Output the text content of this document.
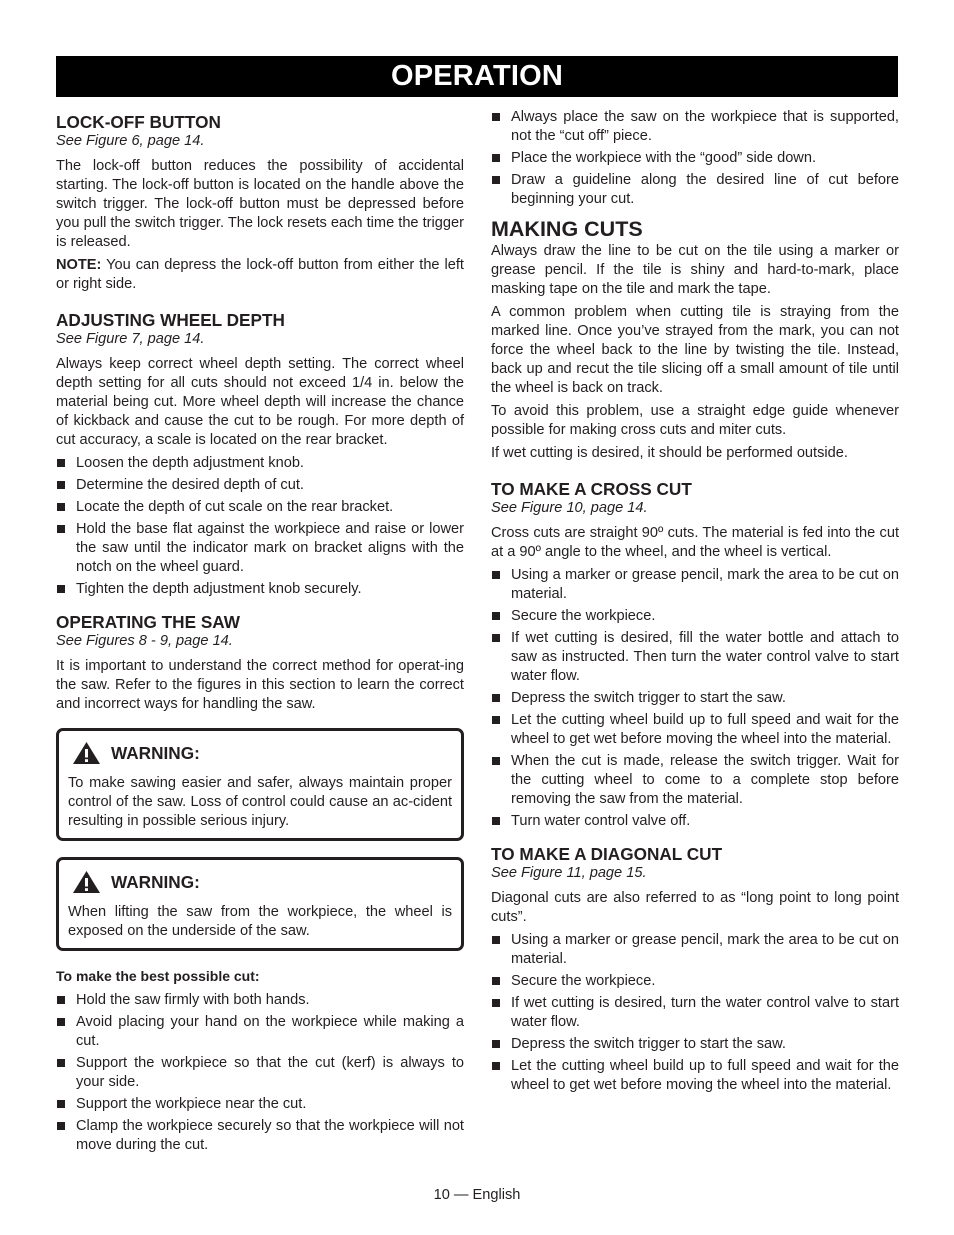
OPERATION
LOCK-OFF BUTTON
See Figure 6, page 14.

The lock-off button reduces the possibility of accidental starting. The lock-off button is located on the handle above the switch trigger. The lock-off button must be depressed before you pull the switch trigger. The lock resets each time the trigger is released.

NOTE: You can depress the lock-off button from either the left or right side.

ADJUSTING WHEEL DEPTH
See Figure 7, page 14.

Always keep correct wheel depth setting. The correct wheel depth setting for all cuts should not exceed 1/4 in. below the material being cut. More wheel depth will increase the chance of kickback and cause the cut to be rough. For more depth of cut accuracy, a scale is located on the rear bracket.

Loosen the depth adjustment knob.
Determine the desired depth of cut.
Locate the depth of cut scale on the rear bracket.
Hold the base flat against the workpiece and raise or lower the saw until the indicator mark on bracket aligns with the notch on the wheel guard.
Tighten the depth adjustment knob securely.
OPERATING THE SAW
See Figures 8 - 9, page 14.

It is important to understand the correct method for operat-ing the saw. Refer to the figures in this section to learn the correct and incorrect ways for handling the saw.

WARNING:

To make sawing easier and safer, always maintain proper control of the saw. Loss of control could cause an ac-cident resulting in possible serious injury.

WARNING:

When lifting the saw from the workpiece, the wheel is exposed on the underside of the saw.

To make the best possible cut:
Hold the saw firmly with both hands.
Avoid placing your hand on the workpiece while making a cut.
Support the workpiece so that the cut (kerf) is always to your side.
Support the workpiece near the cut.
Clamp the workpiece securely so that the workpiece will not move during the cut.
Always place the saw on the workpiece that is supported, not the “cut off” piece.
Place the workpiece with the “good” side down.
Draw a guideline along the desired line of cut before beginning your cut.
MAKING CUTS

Always draw the line to be cut on the tile using a marker or grease pencil. If the tile is shiny and hard-to-mark, place masking tape on the tile and mark the tape.

A common problem when cutting tile is straying from the marked line. Once you’ve strayed from the mark, you can not force the wheel back to the line by twisting the tile. Instead, back up and recut the tile slicing off a small amount of tile until the wheel is back on track.

To avoid this problem, use a straight edge guide whenever possible for making cross cuts and miter cuts.

If wet cutting is desired, it should be performed outside.

TO MAKE A CROSS CUT
See Figure 10, page 14.

Cross cuts are straight 90º cuts. The material is fed into the cut at a 90º angle to the wheel, and the wheel is vertical.

Using a marker or grease pencil, mark the area to be cut on material.
Secure the workpiece.
If wet cutting is desired, fill the water bottle and attach to saw as instructed. Then turn the water control valve to start water flow.
Depress the switch trigger to start the saw.
Let the cutting wheel build up to full speed and wait for the wheel to get wet before moving the wheel into the material.
When the cut is made, release the switch trigger. Wait for the cutting wheel to come to a complete stop before removing the saw from the material.
Turn water control valve off.
TO MAKE A DIAGONAL CUT
See Figure 11, page 15.

Diagonal cuts are also referred to as “long point to long point cuts”.

Using a marker or grease pencil, mark the area to be cut on material.
Secure the workpiece.
If wet cutting is desired, turn the water control valve to start water flow.
Depress the switch trigger to start the saw.
Let the cutting wheel build up to full speed and wait for the wheel to get wet before moving the wheel into the material.
10 — English
